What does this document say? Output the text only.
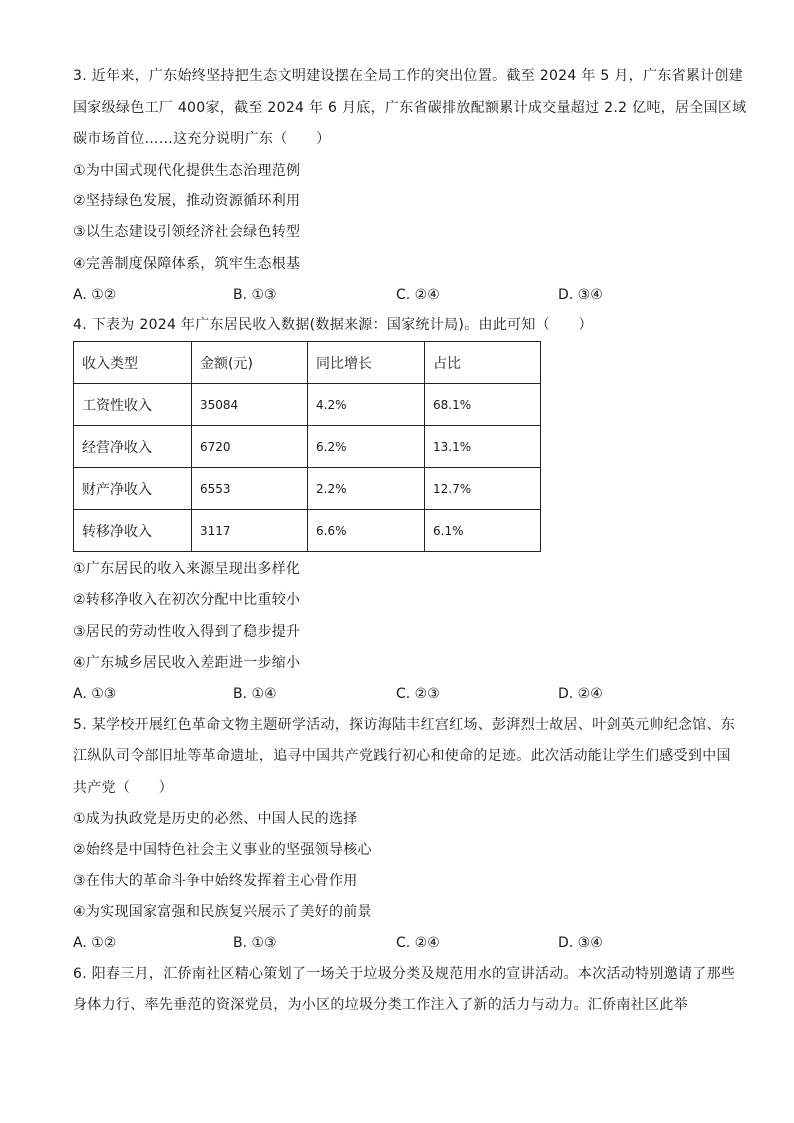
3. 近年来，广东始终坚持把生态文明建设摆在全局工作的突出位置。截至 2024 年 5 月，广东省累计创建
国家级绿色工厂 400家，截至 2024 年 6 月底，广东省碳排放配额累计成交量超过 2.2 亿吨，居全国区域
碳市场首位……这充分说明广东（　　）
①为中国式现代化提供生态治理范例
②坚持绿色发展，推动资源循环利用
③以生态建设引领经济社会绿色转型
④完善制度保障体系，筑牢生态根基
A. ①②	B. ①③	C. ②④	D. ③④
4. 下表为 2024 年广东居民收入数据(数据来源：国家统计局)。由此可知（　　）
收入类型	金额(元)	同比增长	占比
工资性收入	35084	4.2%	68.1%
经营净收入	6720	6.2%	13.1%
财产净收入	6553	2.2%	12.7%
转移净收入	3117	6.6%	6.1%
①广东居民的收入来源呈现出多样化
②转移净收入在初次分配中比重较小
③居民的劳动性收入得到了稳步提升
④广东城乡居民收入差距进一步缩小
A. ①③	B. ①④	C. ②③	D. ②④
5. 某学校开展红色革命文物主题研学活动，探访海陆丰红宫红场、彭湃烈士故居、叶剑英元帅纪念馆、东
江纵队司令部旧址等革命遗址，追寻中国共产党践行初心和使命的足迹。此次活动能让学生们感受到中国
共产党（　　）
①成为执政党是历史的必然、中国人民的选择
②始终是中国特色社会主义事业的坚强领导核心
③在伟大的革命斗争中始终发挥着主心骨作用
④为实现国家富强和民族复兴展示了美好的前景
A. ①②	B. ①③	C. ②④	D. ③④
6. 阳春三月，汇侨南社区精心策划了一场关于垃圾分类及规范用水的宣讲活动。本次活动特别邀请了那些
身体力行、率先垂范的资深党员，为小区的垃圾分类工作注入了新的活力与动力。汇侨南社区此举
